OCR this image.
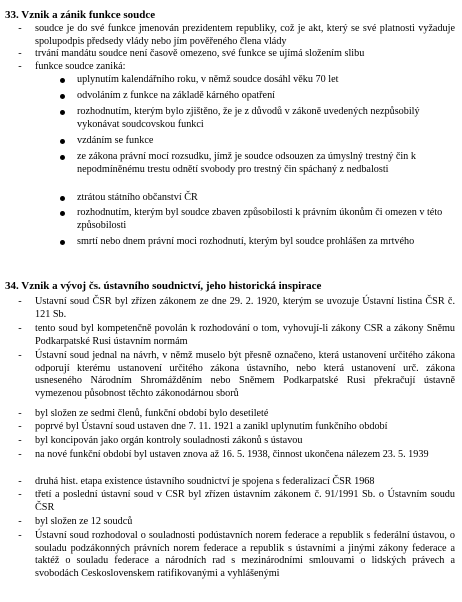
33. Vznik a zánik funkce soudce
-	soudce je do své funkce jmenován prezidentem republiky, což je akt, který se své platnosti vyžaduje spolupodpis předsedy vlády nebo jím pověřeného člena vlády
-	trvání mandátu soudce není časově omezeno, své funkce se ujímá složením slibu
-	funkce soudce zaniká:
uplynutím kalendářního roku, v němž soudce dosáhl věku 70 let
odvoláním z funkce na základě kárného opatření
rozhodnutím, kterým bylo zjištěno, že je z důvodů v zákoně uvedených nezpůsobilý vykonávat soudcovskou funkci
vzdáním se funkce
ze zákona právní mocí rozsudku, jímž je soudce odsouzen za úmyslný trestný čin k nepodmíněnému trestu odnětí svobody pro trestný čin spáchaný z nedbalosti
ztrátou státního občanství ČR
rozhodnutím, kterým byl soudce zbaven způsobilosti k právním úkonům či omezen v této způsobilosti
smrtí nebo dnem právní moci rozhodnutí, kterým byl soudce prohlášen za mrtvého
34. Vznik a vývoj čs. ústavního soudnictví, jeho historická inspirace
-	Ustavní soud ČSR byl zřízen zákonem ze dne 29. 2. 1920, kterým se uvozuje Ústavní listina ČSR č. 121 Sb.
-	tento soud byl kompetenčně povolán k rozhodování o tom, vyhovují-li zákony CSR a zákony Sněmu Podkarpatské Rusi ústavním normám
-	Ústavní soud jednal na návrh, v němž muselo být přesně označeno, která ustanovení určitého zákona odporují kterému ustanovení určitého zákona ústavního, nebo která ustanovení urč. zákona usneseného Národním Shromážděním nebo Sněmem Podkarpatské Rusi překračují ústavně vymezenou působnost těchto zákonodárnou sborů
-	byl složen ze sedmi členů, funkční období bylo desetileté
-	poprvé byl Ústavní soud ustaven dne 7. 11. 1921 a zanikl uplynutím funkčního období
-	byl koncipován jako orgán kontroly souladnosti zákonů s ústavou
-	na nové funkční období byl ustaven znova až 16. 5. 1938, činnost ukončena nálezem 23. 5. 1939
-	druhá hist. etapa existence ústavního soudnictví je spojena s federalizací ČSR 1968
-	třetí a poslední ústavní soud v CSR byl zřízen ústavním zákonem č. 91/1991 Sb. o Ústavním soudu ČSR
-	byl složen ze 12 soudců
-	Ústavní soud rozhodoval o souladnosti podústavních norem federace a republik s federální ústavou, o souladu podzákonných právních norem federace a republik s ústavními a jinými zákony federace a taktéž o souladu federace a národních rad s mezinárodními smlouvami o lidských právech a svobodách Ceskoslovenskem ratifikovanými a vyhlášenými
